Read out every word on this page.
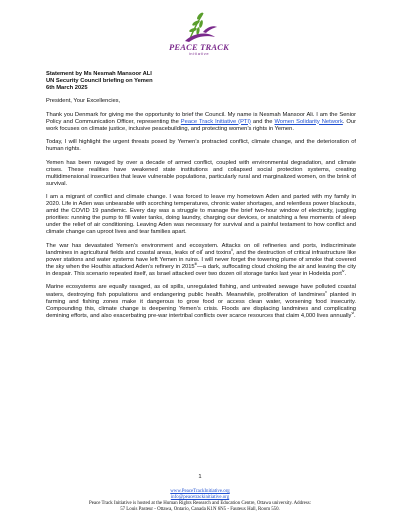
PEACE TRACK
initiative
Statement by Ms Nesmah Mansoor ALI
UN Security Council briefing on Yemen
6th March 2025

President, Your Excellencies,

Thank you Denmark for giving me the opportunity to brief the Council. My name is Nesmah Mansoor Ali. I am the Senior Policy and Communication Officer, representing the Peace Track Initiative (PTI) and the Women Solidarity Network. Our work focuses on climate justice, inclusive peacebuilding, and protecting women’s rights in Yemen.

Today, I will highlight the urgent threats posed by Yemen’s protracted conflict, climate change, and the deterioration of human rights.

Yemen has been ravaged by over a decade of armed conflict, coupled with environmental degradation, and climate crises. These realities have weakened state institutions and collapsed social protection systems, creating multidimensional insecurities that leave vulnerable populations, particularly rural and marginalized women, on the brink of survival.

I am a migrant of conflict and climate change. I was forced to leave my hometown Aden and parted with my family in 2020. Life in Aden was unbearable with scorching temperatures, chronic water shortages, and relentless power blackouts, amid the COVID 19 pandemic. Every day was a struggle to manage the brief two-hour window of electricity, juggling priorities: running the pump to fill water tanks, doing laundry, charging our devices, or snatching a few moments of sleep under the relief of air conditioning. Leaving Aden was necessary for survival and a painful testament to how conflict and climate change can uproot lives and tear families apart.

The war has devastated Yemen’s environment and ecosystem. Attacks on oil refineries and ports, indiscriminate landmines in agricultural fields and coastal areas, leaks of oil$^i$ and toxins$^{ii}$, and the destruction of critical infrastructure like power stations and water systems have left Yemen in ruins. I will never forget the towering plume of smoke that covered the sky when the Houthis attacked Aden’s refinery in 2015$^{iii}$—a dark, suffocating cloud choking the air and leaving the city in despair. This scenario repeated itself, as Israel attacked over two dozen oil storage tanks last year in Hodeida port$^{iv}$.

Marine ecosystems are equally ravaged, as oil spills, unregulated fishing, and untreated sewage have polluted coastal waters, destroying fish populations and endangering public health. Meanwhile, proliferation of landmines$^v$ planted in farming and fishing zones make it dangerous to grow food or access clean water, worsening food insecurity. Compounding this, climate change is deepening Yemen’s crisis. Floods are displacing landmines and complicating demining efforts, and also exacerbating pre-war intertribal conflicts over scarce resources that claim 4,000 lives annually$^{vi}$.

1
www.PeaceTrackInitiative.org
info@peacetrackinitiative.org
Peace Track Initiative is hosted at the Human Rights Research and Education Centre, Ottawa university. Address:
57 Louis Pasteur - Ottawa, Ontario, Canada K1N 6N5 - Fauteux Hall, Room 550.
